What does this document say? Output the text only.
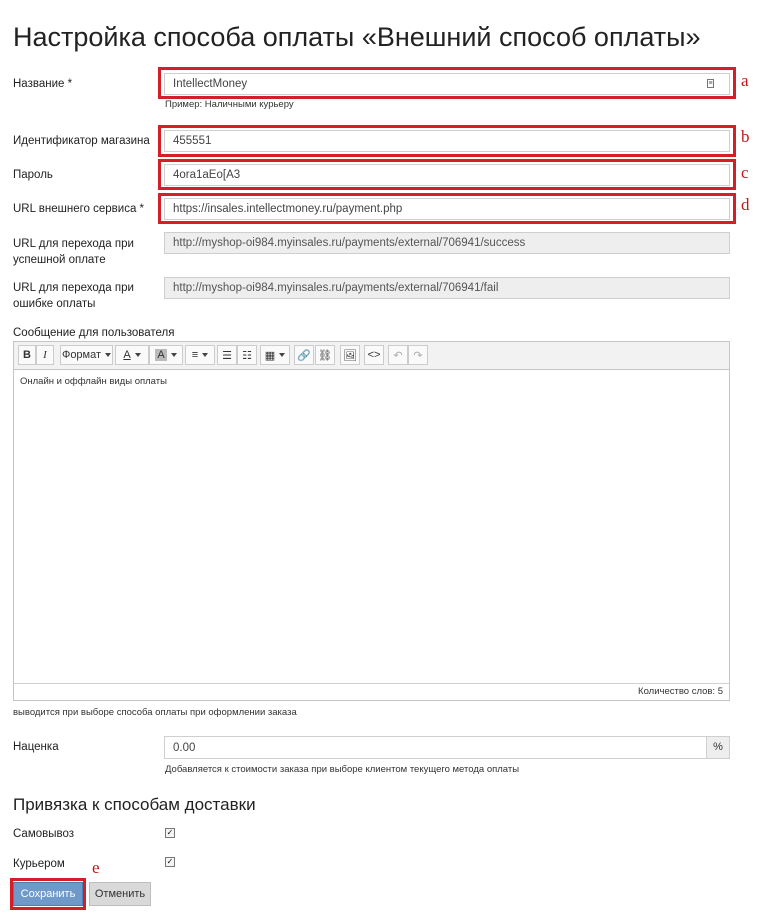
Настройка способа оплаты «Внешний способ оплаты»
Название *
IntellectMoney	≡
Пример: Наличными курьеру
a
Идентификатор магазина
455551	b
Пароль
4ora1aEo[A3	c
URL внешнего сервиса *
https://insales.intellectmoney.ru/payment.php	d
URL для перехода при
успешной оплате
http://myshop-oi984.myinsales.ru/payments/external/706941/success
URL для перехода при
ошибке оплаты
http://myshop-oi984.myinsales.ru/payments/external/706941/fail
Сообщение для пользователя
B	I	Формат A A ≡ ☰ ☷ ▦ 🔗 ⛓ 🖼 <> ↶ ↷
Онлайн и оффлайн виды оплаты
Количество слов: 5
выводится при выборе способа оплаты при оформлении заказа
Наценка
0.00	%
Добавляется к стоимости заказа при выборе клиентом текущего метода оплаты
Привязка к способам доставки
Самовывоз	✓
Курьером	✓
Сохранить	Отменить
e
